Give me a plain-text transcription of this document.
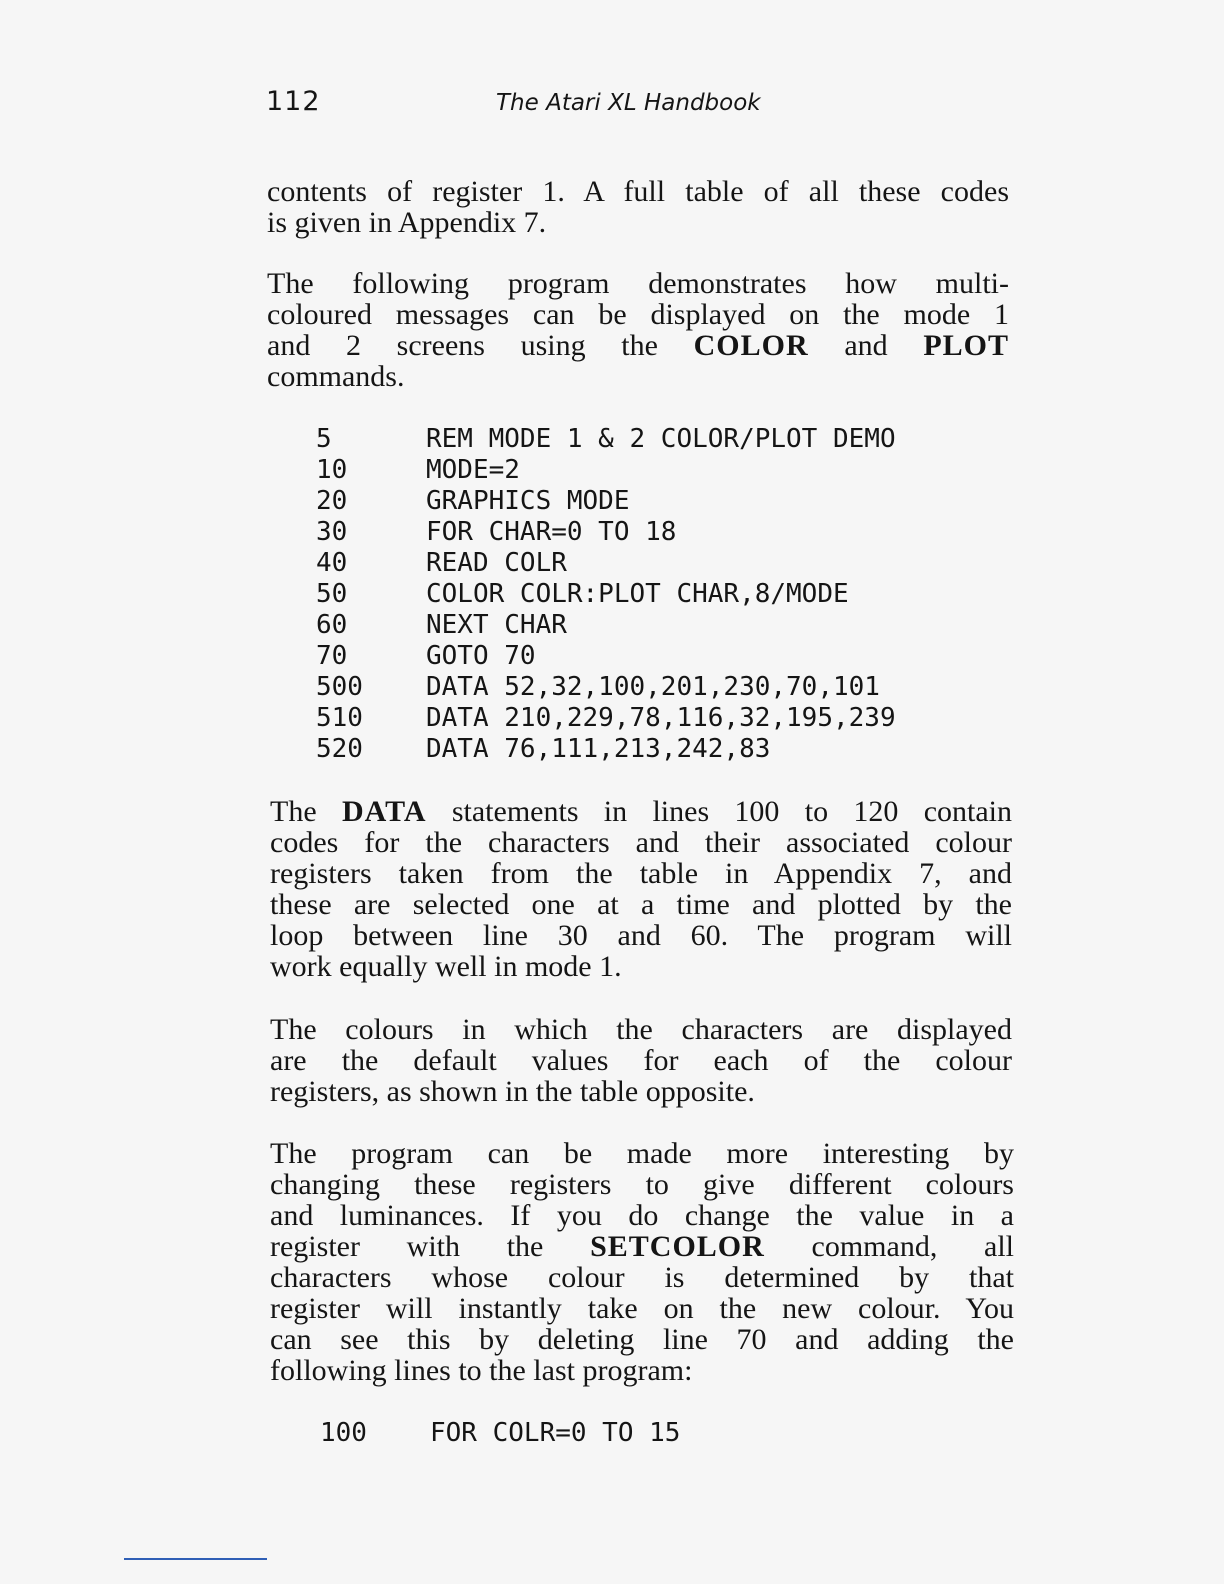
112	The Atari XL Handbook
contents of register 1. A full table of all these codes
is given in Appendix 7.
The following program demonstrates how multi-
coloured messages can be displayed on the mode 1
and 2 screens using the COLOR and PLOT
commands.
5	REM MODE 1 & 2 COLOR/PLOT DEMO
10	MODE=2
20	GRAPHICS MODE
30	FOR CHAR=0 TO 18
40	READ COLR
50	COLOR COLR:PLOT CHAR,8/MODE
60	NEXT CHAR
70	GOTO 70
500 DATA 52,32,100,201,230,70,101
510 DATA 210,229,78,116,32,195,239
520 DATA 76,111,213,242,83
The DATA statements in lines 100 to 120 contain
codes for the characters and their associated colour
registers taken from the table in Appendix 7, and
these are selected one at a time and plotted by the
loop between line 30 and 60. The program will
work equally well in mode 1.
The colours in which the characters are displayed
are the default values for each of the colour
registers, as shown in the table opposite.
The program can be made more interesting by
changing these registers to give different colours
and luminances. If you do change the value in a
register with the SETCOLOR command, all
characters whose colour is determined by that
register will instantly take on the new colour. You
can see this by deleting line 70 and adding the
following lines to the last program:
100 FOR COLR=0 TO 15
